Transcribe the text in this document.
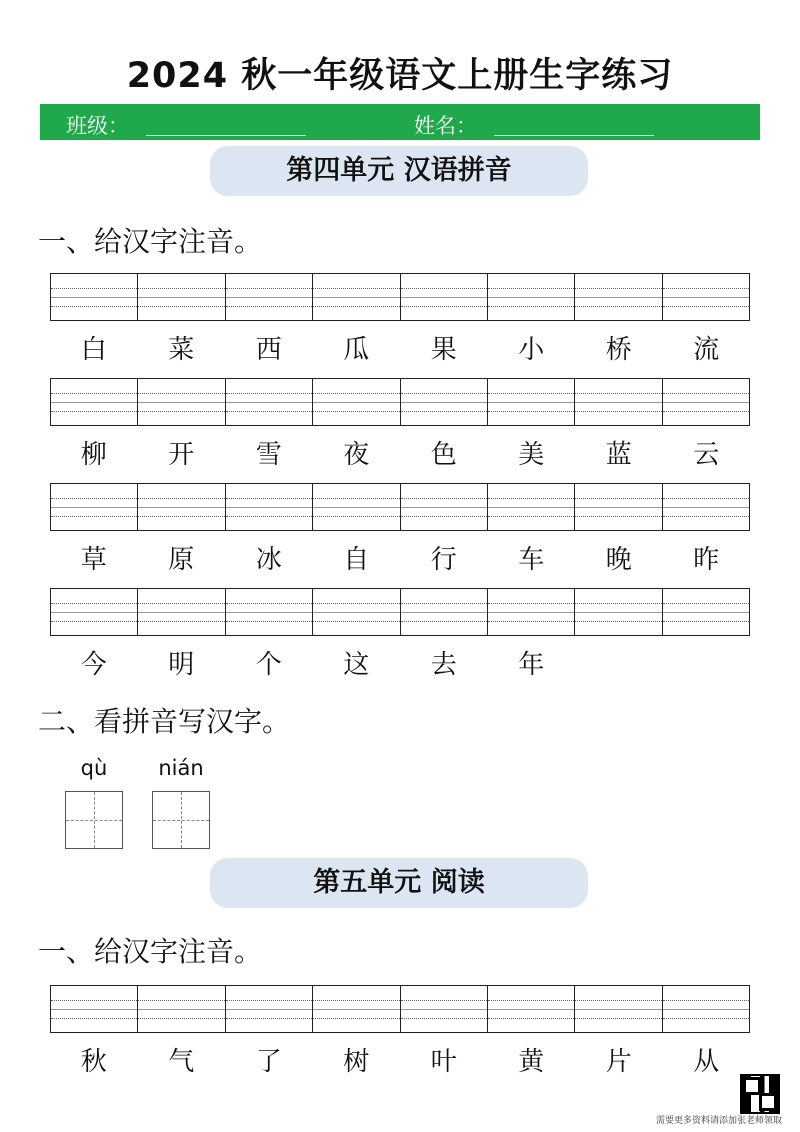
2024 秋一年级语文上册生字练习
班级：	姓名：
第四单元 汉语拼音
一、给汉字注音。
白	菜	西	瓜	果	小	桥	流
柳	开	雪	夜	色	美	蓝	云
草	原	冰	自	行	车	晚	昨
今	明	个	这	去	年
二、看拼音写汉字。
qù	nián
第五单元 阅读
一、给汉字注音。
秋	气	了	树	叶	黄	片	从
需要更多资料请添加张老师领取
